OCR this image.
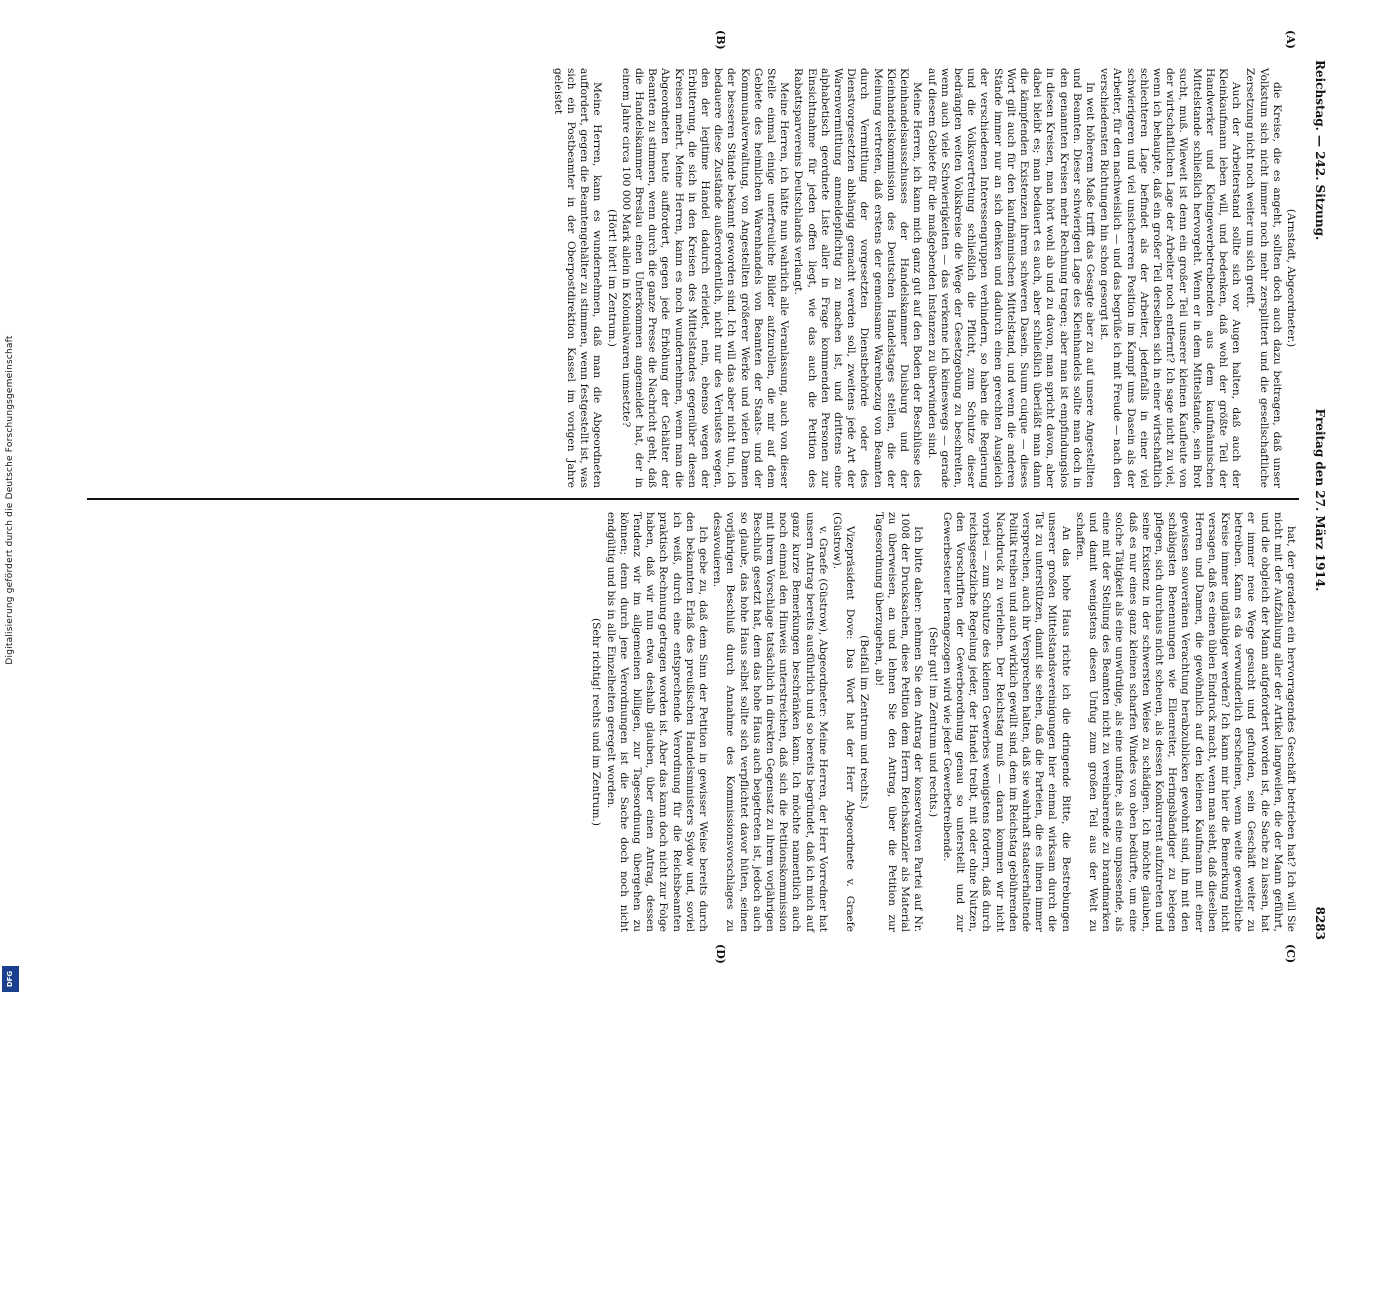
Digitalisierung gefördert durch die Deutsche Forschungsgemeinschaft
DFG
Reichstag. — 242. Sitzung.
Freitag den 27. März 1914.
8283
(A)
(B)
(C)
(D)

(Arnstadt, Abgeordneter.)

die Kreise, die es angeht, sollten doch auch dazu beitragen, daß unser Volkstum sich nicht immer noch mehr zersplittert und die gesellschaftliche Zersetzung nicht noch weiter um sich greift.

Auch der Arbeiterstand sollte sich vor Augen halten, daß auch der Kleinkaufmann leben will, und bedenken, daß wohl der größte Teil der Handwerker und Kleingewerbetreibenden aus dem kaufmännischen Mittelstande schließlich hervorgeht. Wenn er in dem Mittelstande, sein Brot sucht, muß. Wieweit ist denn ein großer Teil unserer kleinen Kaufleute von der wirtschaftlichen Lage der Arbeiter noch entfernt? Ich sage nicht zu viel, wenn ich behaupte, daß ein großer Teil derselben sich in einer wirtschaftlich schlechteren Lage befindet als der Arbeiter, jedenfalls in einer viel schwierigeren und viel unsichereren Position im Kampf ums Dasein als der Arbeiter, für den nachweislich — und das begrüße ich mit Freude — nach den verschiedensten Richtungen hin schon gesorgt ist.

In weit höherem Maße trifft das Gesagte aber zu auf unsere Angestellten und Beamten. Dieser schwierigen Lage des Kleinhandels sollte man doch in den genannten Kreisen mehr Rechnung tragen; aber man ist empfindungslos in diesen Kreisen, man hört wohl ab und zu davon, man spricht davon, aber dabei bleibt es; man bedauert es auch, aber schließlich überläßt man dann die kämpfenden Existenzen ihrem schweren Dasein. Suum cuique — dieses Wort gilt auch für den kaufmännischen Mittelstand, und wenn die anderen Stände immer nur an sich denken und dadurch einen gerechten Ausgleich der verschiedenen Interessengruppen verhindern, so haben die Regierung und die Volksvertretung schließlich die Pflicht, zum Schutze dieser bedrängten weiten Volkskreise die Wege der Gesetzgebung zu beschreiten, wenn auch viele Schwierigkeiten — das verkenne ich keineswegs — gerade auf diesem Gebiete für die maßgebenden Instanzen zu überwinden sind.

Meine Herren, ich kann mich ganz gut auf den Boden der Beschlüsse des Kleinhandelsausschusses der Handelskammer Duisburg und der Kleinhandelskommission des Deutschen Handelstages stellen, die der Meinung vertreten, daß erstens der gemeinsame Warenbezug von Beamten durch Vermittlung der vorgesetzten Dienstbehörde oder des Dienstvorgesetzten abhängig gemacht werden soll, zweitens jede Art der Warenvermittlung anmeldepflichtig zu machen ist, und drittens eine alphabetisch geordnete Liste aller in Frage kommenden Personen zur Einsichtnahme für jeden offen liegt, wie das auch die Petition des Rabattsparvereins Deutschlands verlangt.

Meine Herren, ich hätte nun wahrlich alle Veranlassung, auch von dieser Stelle einmal einige unerfreuliche Bilder aufzurollen, die mir auf dem Gebiete des heimlichen Warenhandels von Beamten der Staats- und der Kommunalverwaltung, von Angestellten größerer Werke und vielen Damen der besseren Stände bekannt geworden sind. Ich will das aber nicht tun, ich bedauere diese Zustände außerordentlich, nicht nur des Verlustes wegen, den der legitime Handel dadurch erleidet, nein, ebenso wegen der Erbitterung, die sich in den Kreisen des Mittelstandes gegenüber diesen Kreisen mehrt. Meine Herren, kann es noch wundernehmen, wenn man die Abgeordneten heute auffordert, gegen jede Erhöhung der Gehälter der Beamten zu stimmen, wenn durch die ganze Presse die Nachricht geht, daß die Handelskammer Breslau einen Unterkommen angemeldet hat, der in einem Jahre circa 100 000 Mark allein in Kolonialwaren umsetzte?

(Hört! hört! im Zentrum.)

Meine Herren, kann es wundernehmen, daß man die Abgeordneten auffordert, gegen die Beamtengehälter zu stimmen, wenn festgestellt ist, was sich ein Postbeamter in der Oberpostdirektion Kassel im vorigen Jahre geleistet

hat, der geradezu ein hervorragendes Geschäft betrieben hat? Ich will Sie nicht mit der Aufzählung aller der Artikel langweilen, die der Mann geführt, und die obgleich der Mann aufgefordert worden ist, die Sache zu lassen, hat er immer neue Wege gesucht und gefunden, sein Geschäft weiter zu betreiben. Kann es da verwunderlich erscheinen, wenn weite gewerbliche Kreise immer ungläubiger werden? Ich kann mir hier die Bemerkung nicht versagen, daß es einen üblen Eindruck macht, wenn man sieht, daß dieselben Herren und Damen, die gewöhnlich auf den kleinen Kaufmann mit einer gewissen souveränen Verachtung herabzublicken gewohnt sind, ihn mit den schäbigsten Benennungen wie Ellenreiter, Heringsbändiger zu belegen pflegen, sich durchaus nicht scheuen, als dessen Konkurrent aufzutreten und seine Existenz in der schwersten Weise zu schädigen. Ich möchte glauben, daß es nur eines ganz kleinen scharfen Windes von oben bedürfte, um eine solche Tätigkeit als eine unwürdige, als eine unfaire, als eine unpassende, als eine mit der Stellung des Beamten nicht zu vereinbarende zu brandmarken und damit wenigstens diesen Unfug zum großen Teil aus der Welt zu schaffen.

An das hohe Haus richte ich die dringende Bitte, die Bestrebungen unserer großen Mittelstandsvereinigungen hier einmal wirksam durch die Tat zu unterstützen, damit sie sehen, daß die Parteien, die es ihnen immer versprechen, auch ihr Versprechen halten, daß sie wahrhaft staatserhaltende Politik treiben und auch wirklich gewillt sind, dem im Reichstag gebührenden Nachdruck zu verleihen. Der Reichstag muß — daran kommen wir nicht vorbei — zum Schutze des kleinen Gewerbes wenigstens fordern, daß durch reichsgesetzliche Regelung jeder, der Handel treibt, mit oder ohne Nutzen, den Vorschriften der Gewerbeordnung genau so unterstellt und zur Gewerbesteuer herangezogen wird wie jeder Gewerbetreibende.

(Sehr gut! im Zentrum und rechts.)

Ich bitte daher: nehmen Sie den Antrag der konservativen Partei auf Nr. 1008 der Drucksachen, diese Petition dem Herrn Reichskanzler als Material zu überweisen, an und lehnen Sie den Antrag, über die Petition zur Tagesordnung überzugehen, ab!

(Beifall im Zentrum und rechts.)

Vizepräsident Dove: Das Wort hat der Herr Abgeordnete v. Graefe (Güstrow).

v. Graefe (Güstrow), Abgeordneter: Meine Herren, der Herr Vorredner hat unsern Antrag bereits ausführlich und so bereits begründet, daß ich mich auf ganz kurze Bemerkungen beschränken kann. Ich möchte namentlich auch noch einmal den Hinweis unterstreichen, daß sich die Petitionskommission mit ihrem Vorschlage tatsächlich in direkten Gegensatz zu ihrem vorjährigen Beschluß gesetzt hat, dem das hohe Haus auch beigetreten ist, jedoch auch so glaube, das hohe Haus selbst sollte sich verpflichtet davor hüten, seinen vorjährigen Beschluß durch Annahme des Kommissionsvorschlages zu desavouieren.

Ich gebe zu, daß dem Sinn der Petition in gewisser Weise bereits durch den bekannten Erlaß des preußischen Handelsministers Sydow und, soviel ich weiß, durch eine entsprechende Verordnung für die Reichsbeamten praktisch Rechnung getragen worden ist. Aber das kann doch nicht zur Folge haben, daß wir nun etwa deshalb glauben, über einen Antrag, dessen Tendenz wir im allgemeinen billigen, zur Tagesordnung übergehen zu können; denn durch jene Verordnungen ist die Sache doch noch nicht endgültig und bis in alle Einzelheiten geregelt worden.

(Sehr richtig! rechts und im Zentrum.)
